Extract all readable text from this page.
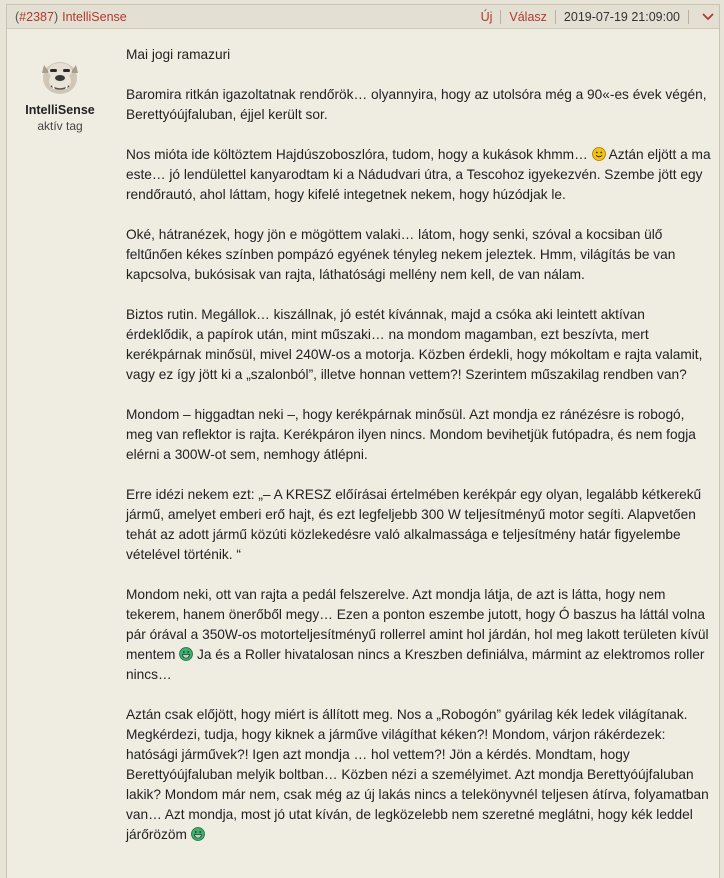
(#2387) IntelliSense	Új Válasz 2019-07-19 21:09:00
IntelliSense
aktív tag

Mai jogi ramazuri

Baromira ritkán igazoltatnak rendőrök… olyannyira, hogy az utolsóra még a 90«-es évek végén, Berettyóújfaluban, éjjel került sor.

Nos mióta ide költöztem Hajdúszoboszlóra, tudom, hogy a kukások khmm…  Aztán eljött a ma este… jó lendülettel kanyarodtam ki a Nádudvari útra, a Tescohoz igyekezvén. Szembe jött egy rendőrautó, ahol láttam, hogy kifelé integetnek nekem, hogy húzódjak le.

Oké, hátranézek, hogy jön e mögöttem valaki… látom, hogy senki, szóval a kocsiban ülő feltűnően kékes színben pompázó egyének tényleg nekem jeleztek. Hmm, világítás be van kapcsolva, bukósisak van rajta, láthatósági mellény nem kell, de van nálam.

Biztos rutin. Megállok… kiszállnak, jó estét kívánnak, majd a csóka aki leintett aktívan érdeklődik, a papírok után, mint műszaki… na mondom magamban, ezt beszívta, mert kerékpárnak minősül, mivel 240W-os a motorja. Közben érdekli, hogy mókoltam e rajta valamit, vagy ez így jött ki a „szalonból”, illetve honnan vettem?! Szerintem műszakilag rendben van?

Mondom – higgadtan neki –, hogy kerékpárnak minősül. Azt mondja ez ránézésre is robogó, meg van reflektor is rajta. Kerékpáron ilyen nincs. Mondom bevihetjük futópadra, és nem fogja elérni a 300W-ot sem, nemhogy átlépni.

Erre idézi nekem ezt: „– A KRESZ előírásai értelmében kerékpár egy olyan, legalább kétkerekű jármű, amelyet emberi erő hajt, és ezt legfeljebb 300 W teljesítményű motor segíti. Alapvetően tehát az adott jármű közúti közlekedésre való alkalmassága e teljesítmény határ figyelembe vételével történik. “

Mondom neki, ott van rajta a pedál felszerelve. Azt mondja látja, de azt is látta, hogy nem tekerem, hanem önerőből megy… Ezen a ponton eszembe jutott, hogy Ó baszus ha láttál volna pár órával a 350W-os motorteljesítményű rollerrel amint hol járdán, hol meg lakott területen kívül mentem  Ja és a Roller hivatalosan nincs a Kreszben definiálva, mármint az elektromos roller nincs…

Aztán csak előjött, hogy miért is állított meg. Nos a „Robogón” gyárilag kék ledek világítanak. Megkérdezi, tudja, hogy kiknek a járműve világíthat kéken?! Mondom, várjon rákérdezek: hatósági járművek?! Igen azt mondja … hol vettem?! Jön a kérdés. Mondtam, hogy Berettyóújfaluban melyik boltban… Közben nézi a személyimet. Azt mondja Berettyóújfaluban lakik? Mondom már nem, csak még az új lakás nincs a telekönyvnél teljesen átírva, folyamatban van… Azt mondja, most jó utat kíván, de legközelebb nem szeretné meglátni, hogy kék leddel járőrözöm
